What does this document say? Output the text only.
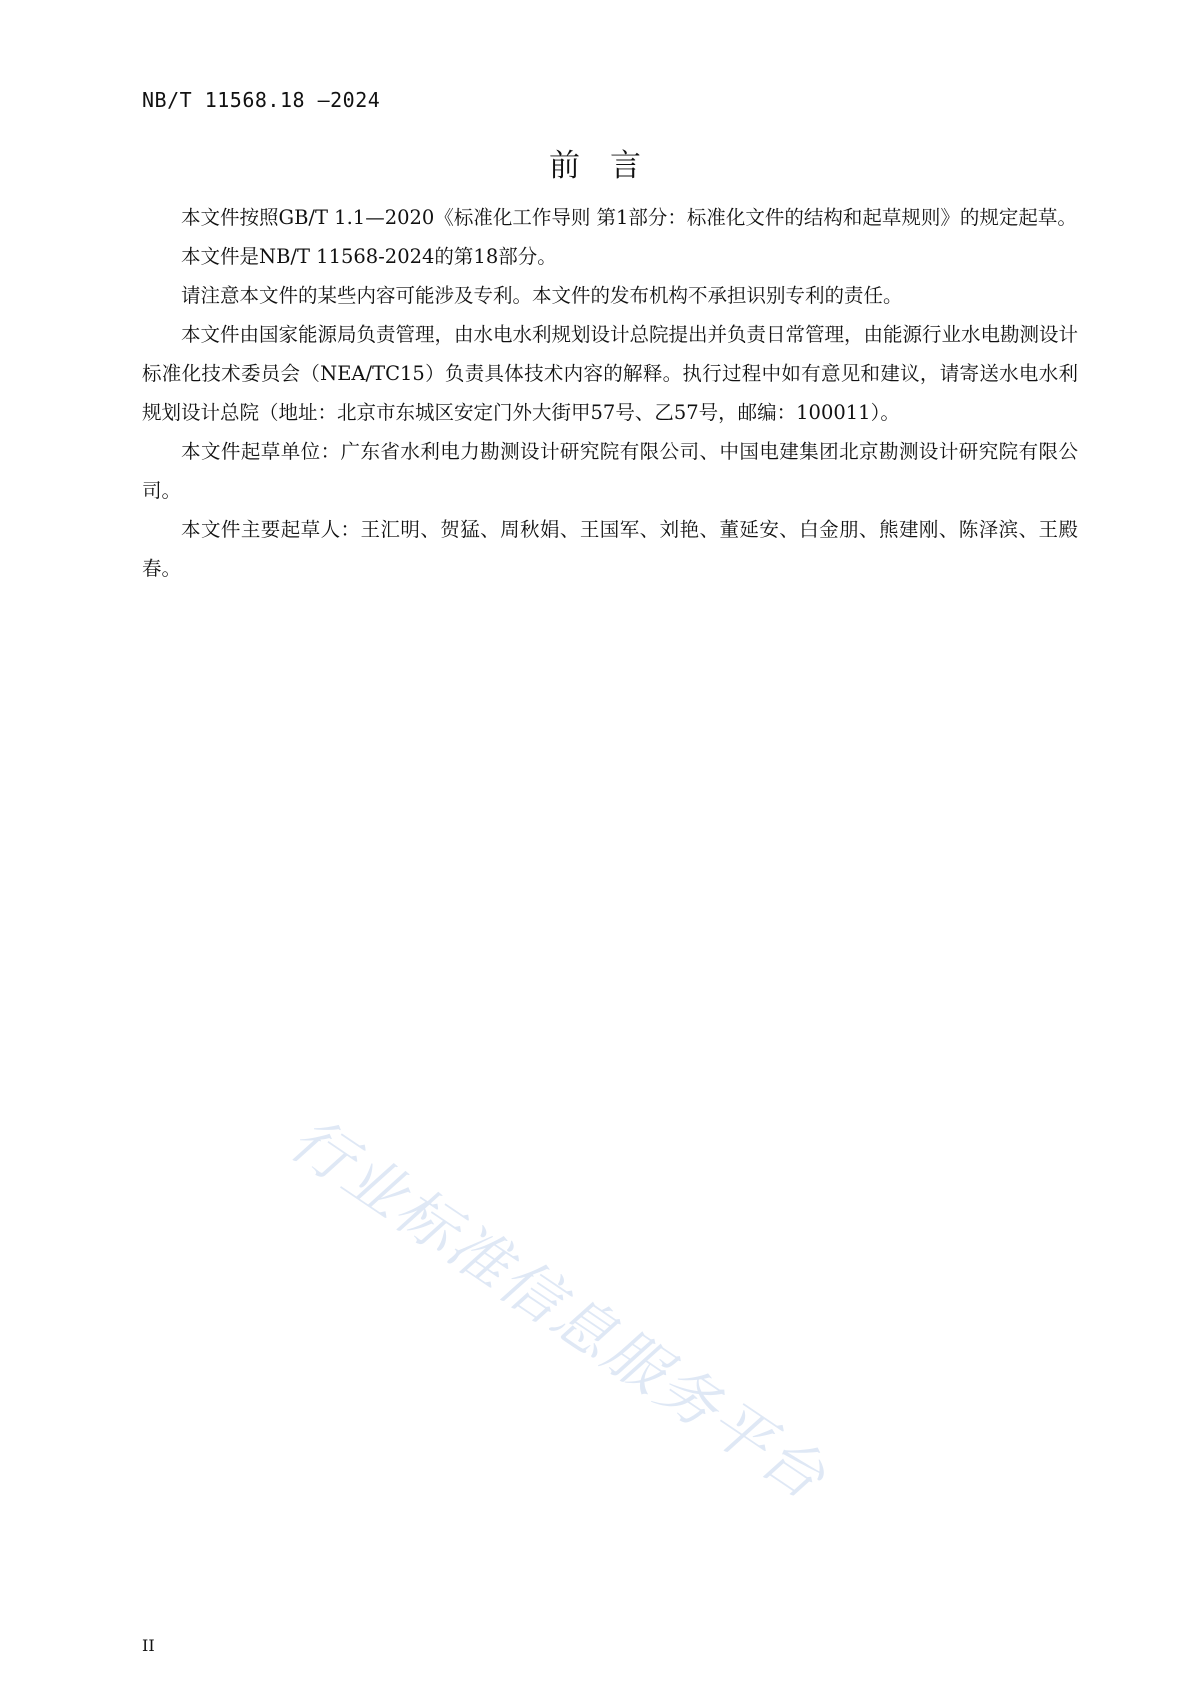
NB/T 11568.18 —2024
前言

本文件按照GB/T 1.1—2020《标准化工作导则 第1部分：标准化文件的结构和起草规则》的规定起草。

本文件是NB/T 11568-2024的第18部分。

请注意本文件的某些内容可能涉及专利。本文件的发布机构不承担识别专利的责任。

本文件由国家能源局负责管理，由水电水利规划设计总院提出并负责日常管理，由能源行业水电勘测设计标准化技术委员会（NEA/TC15）负责具体技术内容的解释。执行过程中如有意见和建议，请寄送水电水利规划设计总院（地址：北京市东城区安定门外大街甲57号、乙57号，邮编：100011）。

本文件起草单位：广东省水利电力勘测设计研究院有限公司、中国电建集团北京勘测设计研究院有限公司。

本文件主要起草人：王汇明、贺猛、周秋娟、王国军、刘艳、董延安、白金朋、熊建刚、陈泽滨、王殿春。

行业标准信息服务平台
II
